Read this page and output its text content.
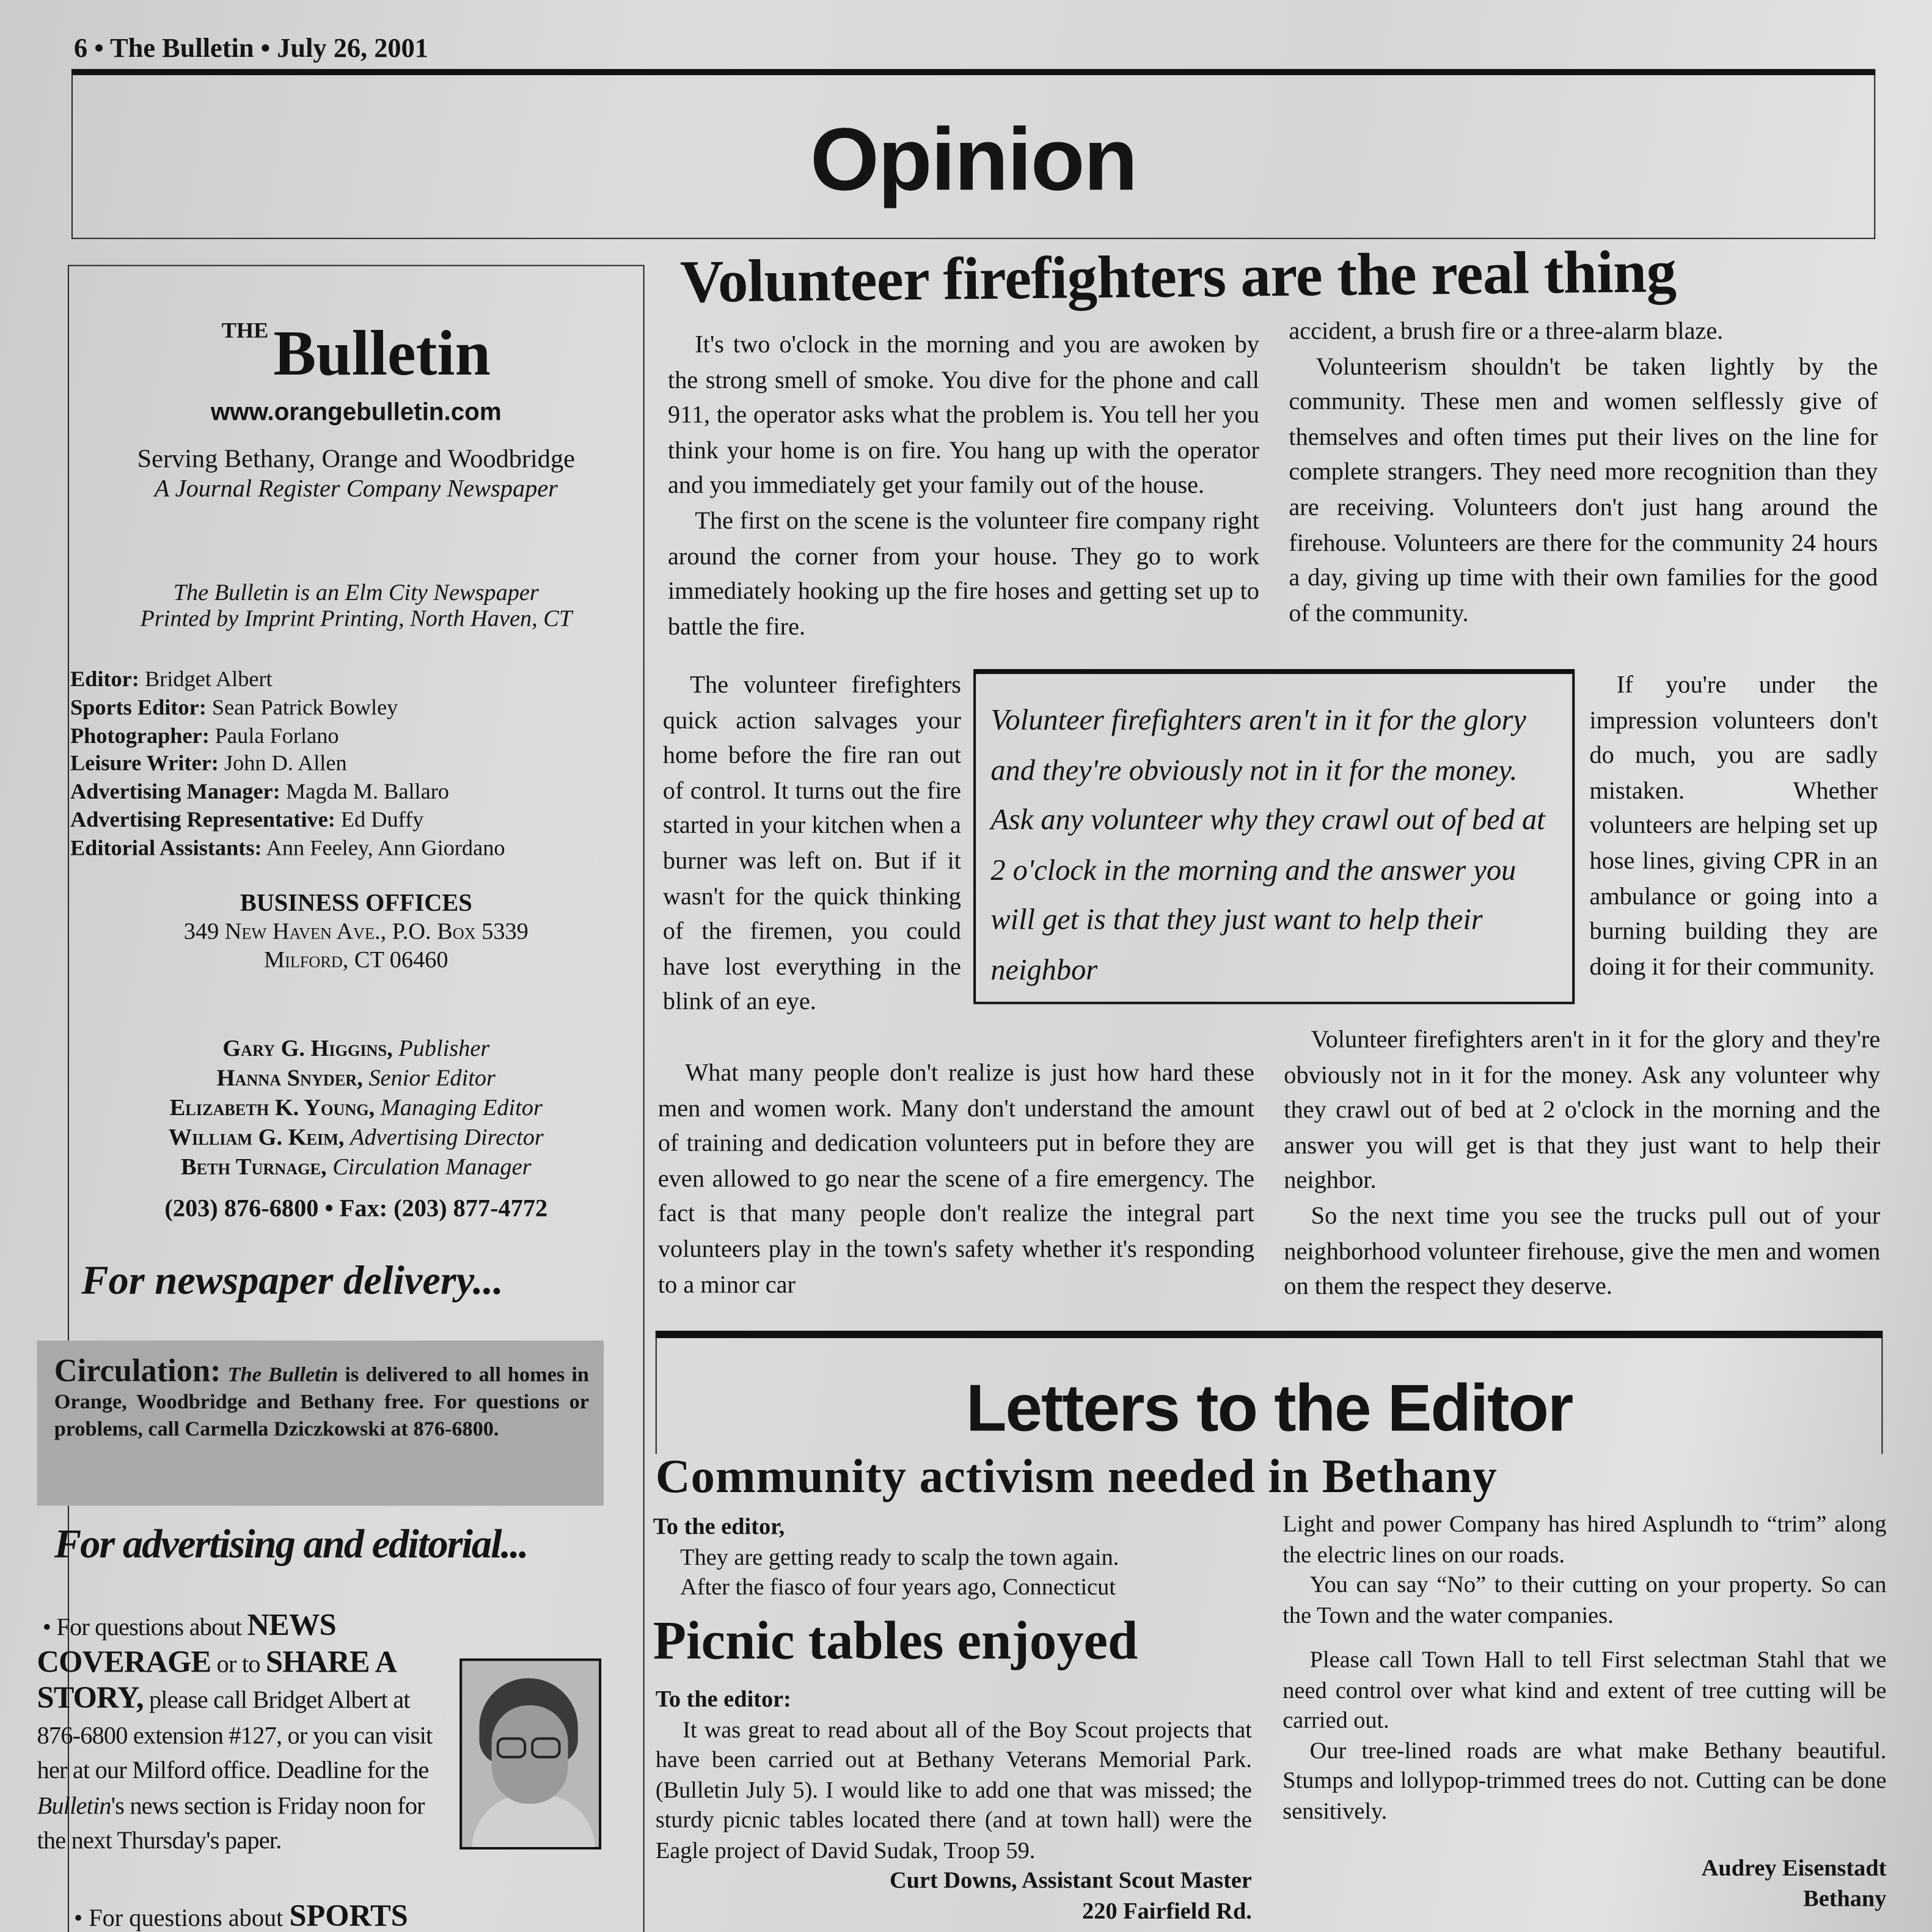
6 • The Bulletin • July 26, 2001
Opinion
$^{THE}$ Bulletin
www.orangebulletin.com
Serving Bethany, Orange and Woodbridge
A Journal Register Company Newspaper
The Bulletin is an Elm City Newspaper
Printed by Imprint Printing, North Haven, CT
Editor: Bridget Albert
Sports Editor: Sean Patrick Bowley
Photographer: Paula Forlano
Leisure Writer: John D. Allen
Advertising Manager: Magda M. Ballaro
Advertising Representative: Ed Duffy
Editorial Assistants: Ann Feeley, Ann Giordano
BUSINESS OFFICES
349 New Haven Ave., P.O. Box 5339
Milford, CT 06460
Gary G. Higgins, Publisher
Hanna Snyder, Senior Editor
Elizabeth K. Young, Managing Editor
William G. Keim, Advertising Director
Beth Turnage, Circulation Manager
(203) 876-6800 • Fax: (203) 877-4772
For newspaper delivery...
Circulation: The Bulletin is delivered to all homes in Orange, Woodbridge and Bethany free. For questions or problems, call Carmella Dziczkowski at 876-6800.
For advertising and editorial...
• For questions about NEWS COVERAGE or to SHARE A STORY, please call Bridget Albert at 876-6800 extension #127, or you can visit her at our Milford office. Deadline for the Bulletin's news section is Friday noon for the next Thursday's paper.
• For questions about SPORTS
Volunteer firefighters are the real thing

It's two o'clock in the morning and you are awoken by the strong smell of smoke. You dive for the phone and call 911, the operator asks what the problem is. You tell her you think your home is on fire. You hang up with the operator and you immediately get your family out of the house.

The first on the scene is the volunteer fire company right around the corner from your house. They go to work immediately hooking up the fire hoses and getting set up to battle the fire.

The volunteer firefighters quick action salvages your home before the fire ran out of control. It turns out the fire started in your kitchen when a burner was left on. But if it wasn't for the quick thinking of the firemen, you could have lost everything in the blink of an eye.

What many people don't realize is just how hard these men and women work. Many don't understand the amount of training and dedication volunteers put in before they are even allowed to go near the scene of a fire emergency. The fact is that many people don't realize the integral part volunteers play in the town's safety whether it's responding to a minor car

accident, a brush fire or a three-alarm blaze.

Volunteerism shouldn't be taken lightly by the community. These men and women selflessly give of themselves and often times put their lives on the line for complete strangers. They need more recognition than they are receiving. Volunteers don't just hang around the firehouse. Volunteers are there for the community 24 hours a day, giving up time with their own families for the good of the community.

If you're under the impression volunteers don't do much, you are sadly mistaken. Whether volunteers are helping set up hose lines, giving CPR in an ambulance or going into a burning building they are doing it for their community.

Volunteer firefighters aren't in it for the glory and they're obviously not in it for the money. Ask any volunteer why they crawl out of bed at 2 o'clock in the morning and the answer you will get is that they just want to help their neighbor.

So the next time you see the trucks pull out of your neighborhood volunteer firehouse, give the men and women on them the respect they deserve.

Volunteer firefighters aren't in it for the glory and they're obviously not in it for the money. Ask any volunteer why they crawl out of bed at 2 o'clock in the morning and the answer you will get is that they just want to help their neighbor
Letters to the Editor
Community activism needed in Bethany

To the editor,

They are getting ready to scalp the town again.

After the fiasco of four years ago, Connecticut

Picnic tables enjoyed

To the editor:

It was great to read about all of the Boy Scout projects that have been carried out at Bethany Veterans Memorial Park. (Bulletin July 5). I would like to add one that was missed; the sturdy picnic tables located there (and at town hall) were the Eagle project of David Sudak, Troop 59.

Curt Downs, Assistant Scout Master
220 Fairfield Rd.

Light and power Company has hired Asplundh to “trim” along the electric lines on our roads.

You can say “No” to their cutting on your property. So can the Town and the water companies.

Please call Town Hall to tell First selectman Stahl that we need control over what kind and extent of tree cutting will be carried out.

Our tree-lined roads are what make Bethany beautiful. Stumps and lollypop-trimmed trees do not. Cutting can be done sensitively.

Audrey Eisenstadt
Bethany
